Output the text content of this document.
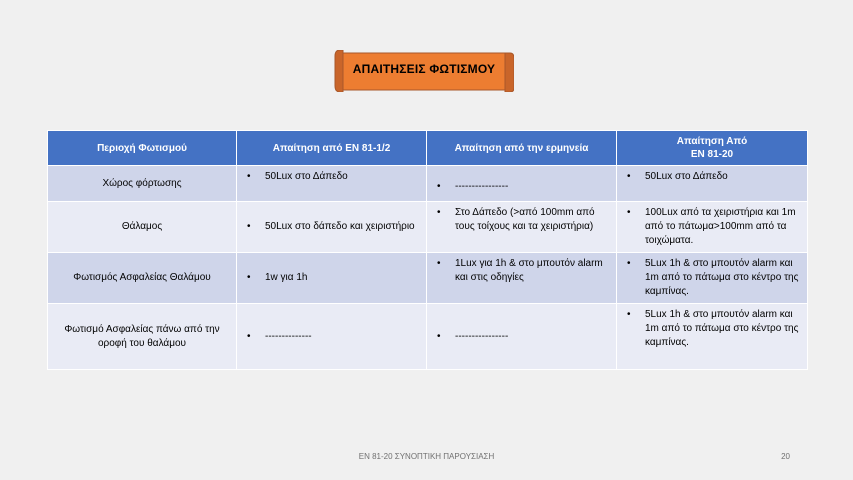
ΑΠΑΙΤΗΣΕΙΣ ΦΩΤΙΣΜΟΥ
Περιοχή Φωτισμού	Απαίτηση από EN 81-1/2	Απαίτηση από την ερμηνεία	Απαίτηση Από
EN 81-20

Χώρος φόρτωσης	• 50Lux στο Δάπεδο	• ----------------	• 50Lux στο Δάπεδο

Θάλαμος	• 50Lux στο δάπεδο και χειριστήριο	• Στο Δάπεδο (>από 100mm από τους τοίχους και τα χειριστήρια)	• 100Lux από τα χειριστήρια και 1m από το πάτωμα>100mm από τα τοιχώματα.

Φωτισμός Ασφαλείας Θαλάμου	• 1w για 1h	• 1Lux για 1h & στο μπουτόν alarm και στις οδηγίες	• 5Lux 1h & στο μπουτόν alarm και 1m από το πάτωμα στο κέντρο της καμπίνας.

Φωτισμό Ασφαλείας πάνω από την οροφή του θαλάμου	• --------------	• ----------------	• 5Lux 1h & στο μπουτόν alarm και 1m από το πάτωμα στο κέντρο της καμπίνας.
EN 81-20 ΣΥΝΟΠΤΙΚΗ ΠΑΡΟΥΣΙΑΣΗ	20
